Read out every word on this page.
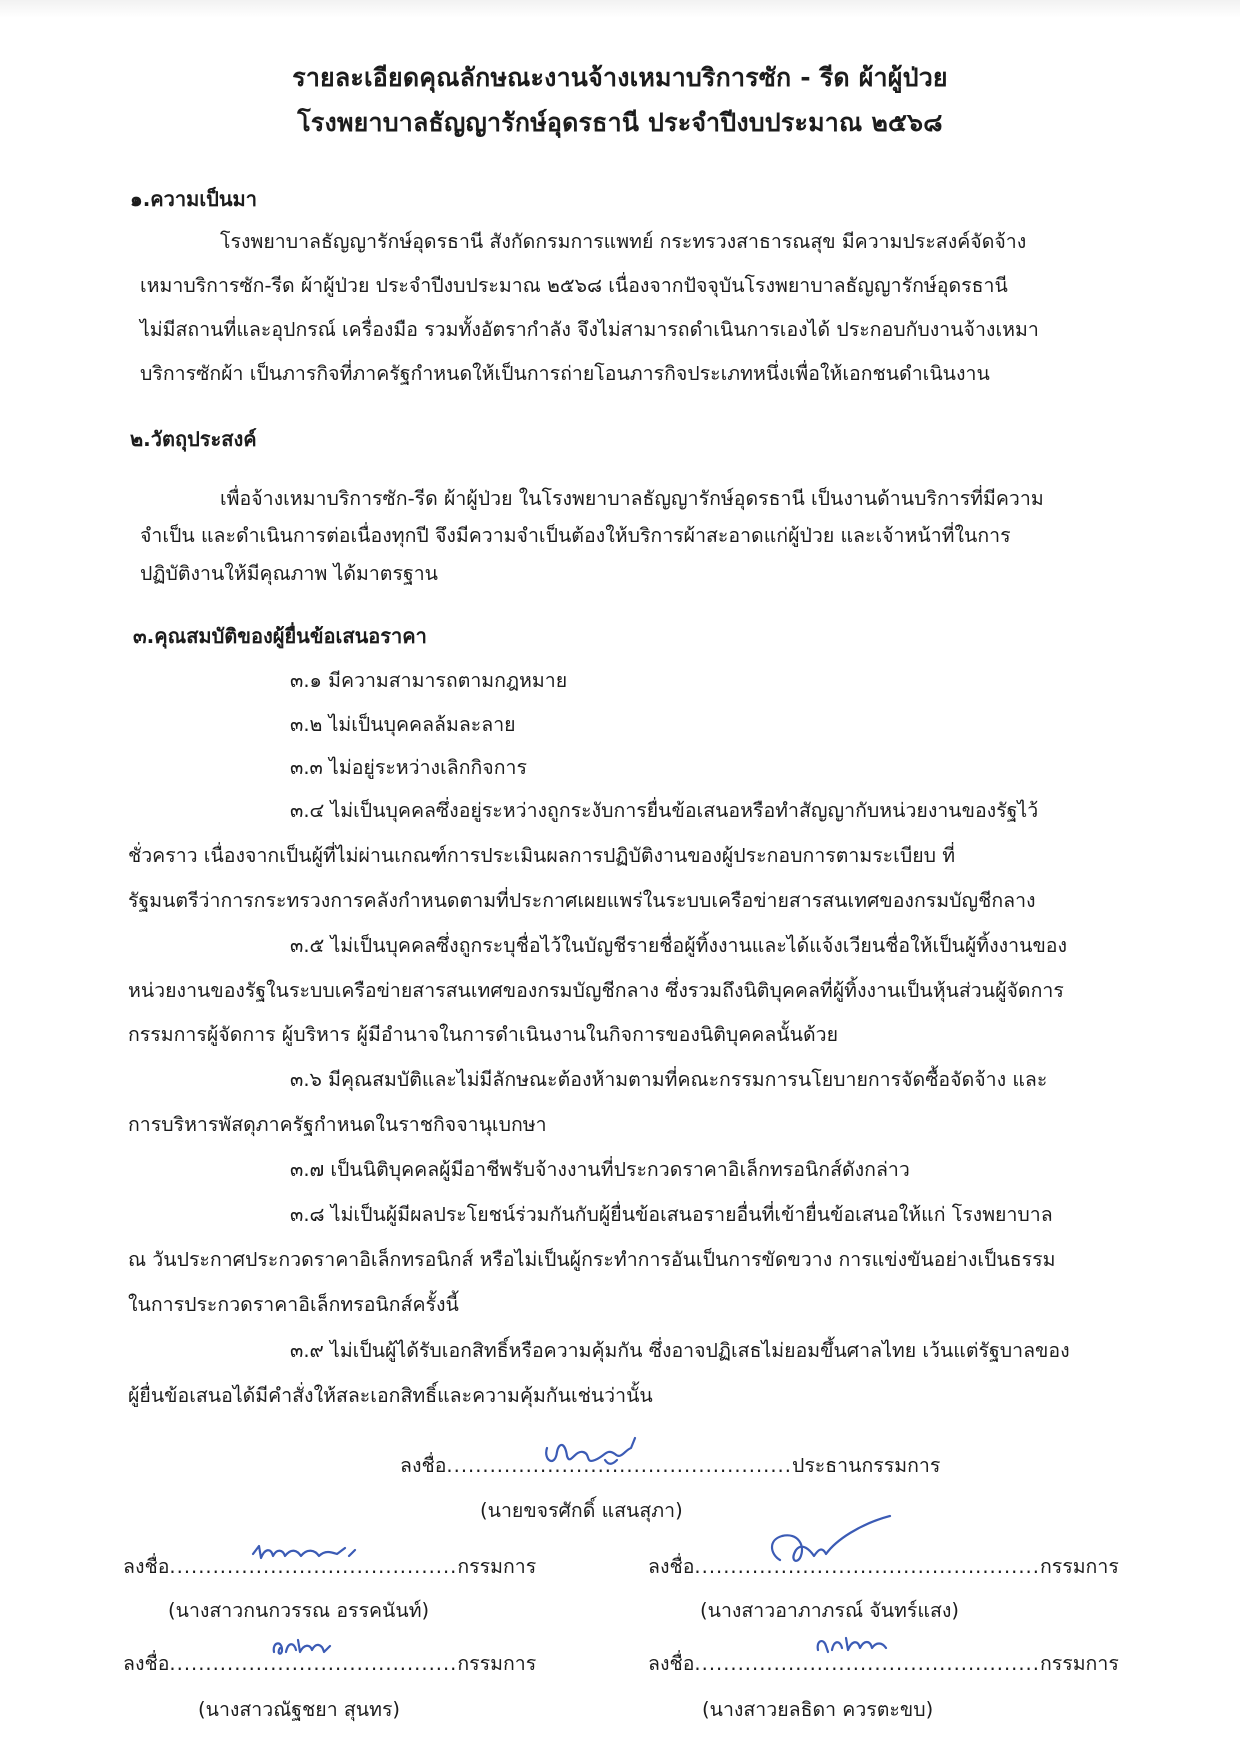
รายละเอียดคุณลักษณะงานจ้างเหมาบริการซัก - รีด ผ้าผู้ป่วย
โรงพยาบาลธัญญารักษ์อุดรธานี ประจำปีงบประมาณ ๒๕๖๘
๑.ความเป็นมา
โรงพยาบาลธัญญารักษ์อุดรธานี สังกัดกรมการแพทย์ กระทรวงสาธารณสุข มีความประสงค์จัดจ้าง
เหมาบริการซัก-รีด ผ้าผู้ป่วย ประจำปีงบประมาณ ๒๕๖๘ เนื่องจากปัจจุบันโรงพยาบาลธัญญารักษ์อุดรธานี
ไม่มีสถานที่และอุปกรณ์ เครื่องมือ รวมทั้งอัตรากำลัง จึงไม่สามารถดำเนินการเองได้ ประกอบกับงานจ้างเหมา
บริการซักผ้า เป็นภารกิจที่ภาครัฐกำหนดให้เป็นการถ่ายโอนภารกิจประเภทหนึ่งเพื่อให้เอกชนดำเนินงาน
๒.วัตถุประสงค์
เพื่อจ้างเหมาบริการซัก-รีด ผ้าผู้ป่วย ในโรงพยาบาลธัญญารักษ์อุดรธานี เป็นงานด้านบริการที่มีความ
จำเป็น และดำเนินการต่อเนื่องทุกปี จึงมีความจำเป็นต้องให้บริการผ้าสะอาดแก่ผู้ป่วย และเจ้าหน้าที่ในการ
ปฏิบัติงานให้มีคุณภาพ ได้มาตรฐาน
๓.คุณสมบัติของผู้ยื่นข้อเสนอราคา
๓.๑ มีความสามารถตามกฎหมาย
๓.๒ ไม่เป็นบุคคลล้มละลาย
๓.๓ ไม่อยู่ระหว่างเลิกกิจการ
๓.๔ ไม่เป็นบุคคลซึ่งอยู่ระหว่างถูกระงับการยื่นข้อเสนอหรือทำสัญญากับหน่วยงานของรัฐไว้
ชั่วคราว เนื่องจากเป็นผู้ที่ไม่ผ่านเกณฑ์การประเมินผลการปฏิบัติงานของผู้ประกอบการตามระเบียบ ที่
รัฐมนตรีว่าการกระทรวงการคลังกำหนดตามที่ประกาศเผยแพร่ในระบบเครือข่ายสารสนเทศของกรมบัญชีกลาง
๓.๕ ไม่เป็นบุคคลซึ่งถูกระบุชื่อไว้ในบัญชีรายชื่อผู้ทิ้งงานและได้แจ้งเวียนชื่อให้เป็นผู้ทิ้งงานของ
หน่วยงานของรัฐในระบบเครือข่ายสารสนเทศของกรมบัญชีกลาง ซึ่งรวมถึงนิติบุคคลที่ผู้ทิ้งงานเป็นหุ้นส่วนผู้จัดการ
กรรมการผู้จัดการ ผู้บริหาร ผู้มีอำนาจในการดำเนินงานในกิจการของนิติบุคคลนั้นด้วย
๓.๖ มีคุณสมบัติและไม่มีลักษณะต้องห้ามตามที่คณะกรรมการนโยบายการจัดซื้อจัดจ้าง และ
การบริหารพัสดุภาครัฐกำหนดในราชกิจจานุเบกษา
๓.๗ เป็นนิติบุคคลผู้มีอาชีพรับจ้างงานที่ประกวดราคาอิเล็กทรอนิกส์ดังกล่าว
๓.๘ ไม่เป็นผู้มีผลประโยชน์ร่วมกันกับผู้ยื่นข้อเสนอรายอื่นที่เข้ายื่นข้อเสนอให้แก่ โรงพยาบาล
ณ วันประกาศประกวดราคาอิเล็กทรอนิกส์ หรือไม่เป็นผู้กระทำการอันเป็นการขัดขวาง การแข่งขันอย่างเป็นธรรม
ในการประกวดราคาอิเล็กทรอนิกส์ครั้งนี้
๓.๙ ไม่เป็นผู้ได้รับเอกสิทธิ์หรือความคุ้มกัน ซึ่งอาจปฏิเสธไม่ยอมขึ้นศาลไทย เว้นแต่รัฐบาลของ
ผู้ยื่นข้อเสนอได้มีคำสั่งให้สละเอกสิทธิ์และความคุ้มกันเช่นว่านั้น
ลงชื่อ................................................ประธานกรรมการ
(นายขจรศักดิ์ แสนสุภา)
ลงชื่อ........................................กรรมการ
(นางสาวกนกวรรณ อรรคนันท์)
ลงชื่อ................................................กรรมการ
(นางสาวอาภาภรณ์ จันทร์แสง)
ลงชื่อ........................................กรรมการ
(นางสาวณัฐชยา สุนทร)
ลงชื่อ................................................กรรมการ
(นางสาวยลธิดา ควรตะขบ)
